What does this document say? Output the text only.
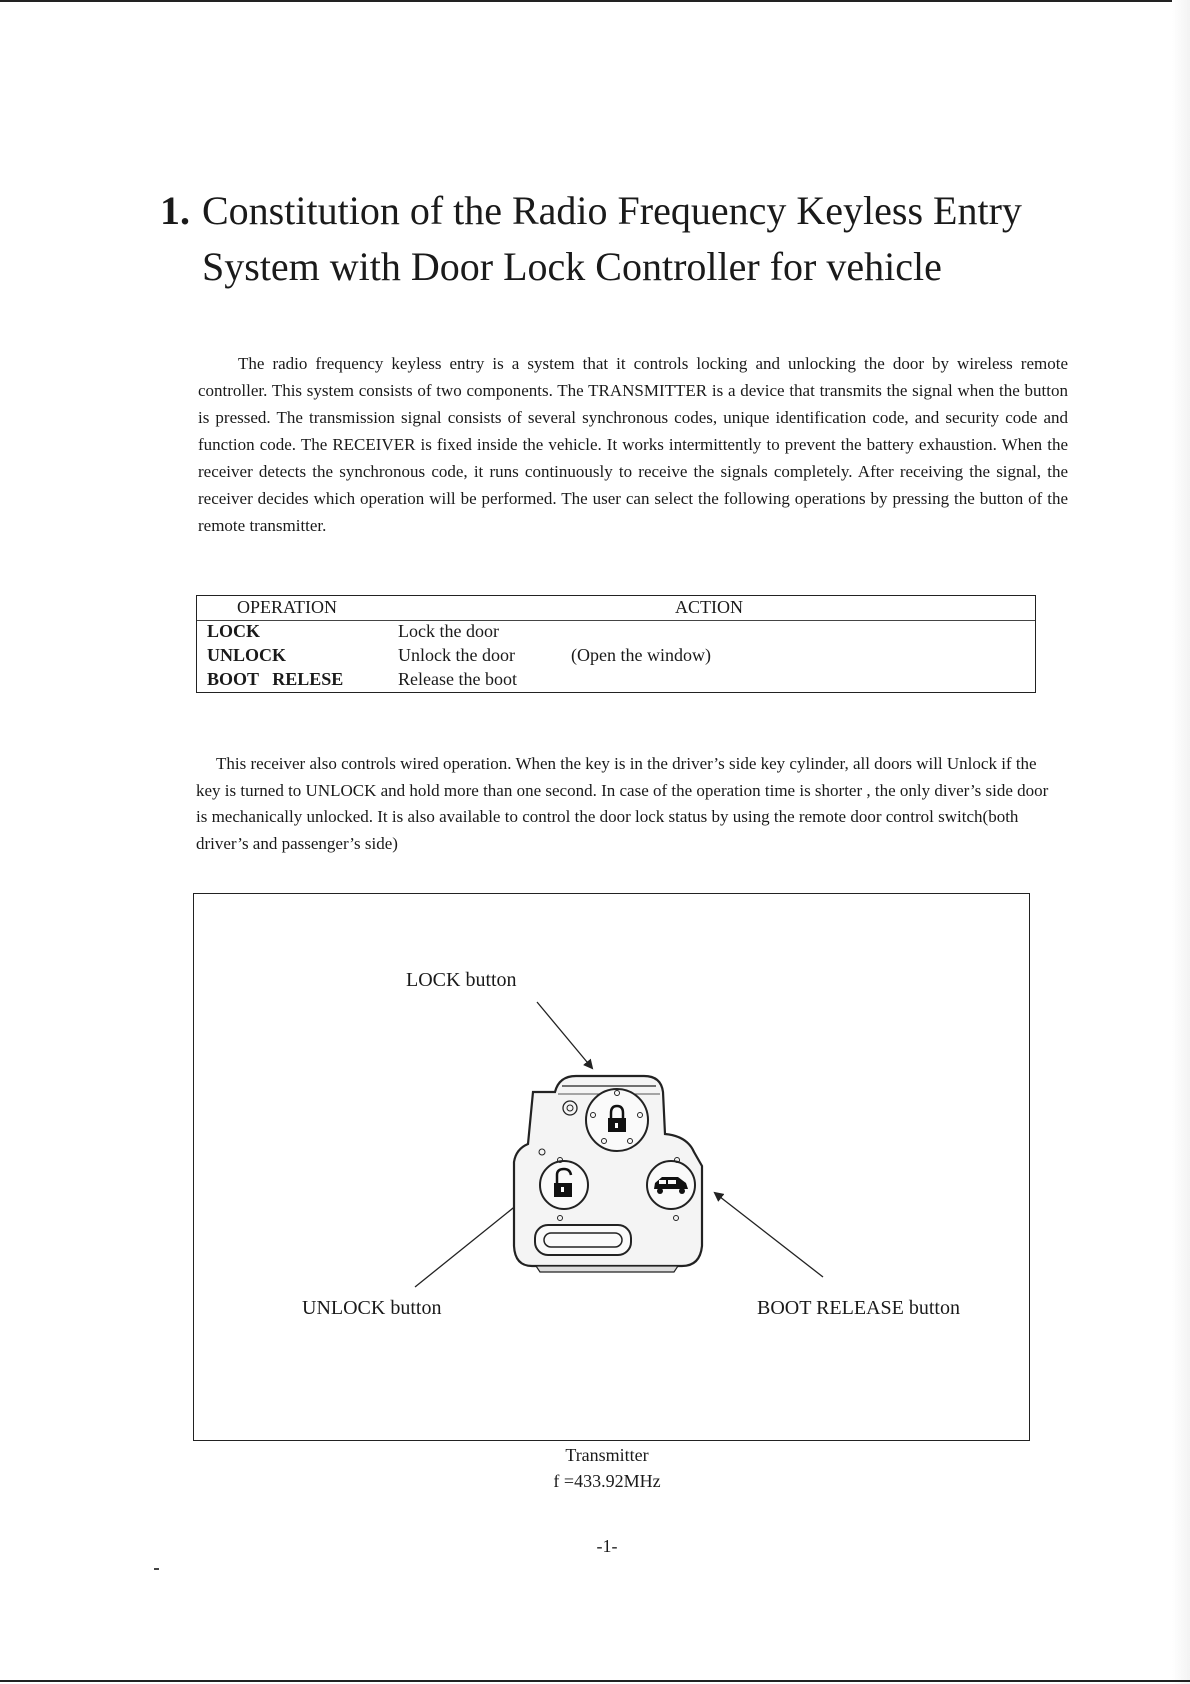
1. Constitution of the Radio Frequency Keyless Entry
System with Door Lock Controller for vehicle

The radio frequency keyless entry is a system that it controls locking and unlocking the door by wireless remote controller. This system consists of two components. The TRANSMITTER is a device that transmits the signal when the button is pressed. The transmission signal consists of several synchronous codes, unique identification code, and security code and function code. The RECEIVER is fixed inside the vehicle. It works intermittently to prevent the battery exhaustion. When the receiver detects the synchronous code, it runs continuously to receive the signals completely. After receiving the signal, the receiver decides which operation will be performed. The user can select the following operations by pressing the button of the remote transmitter.

OPERATION	ACTION
LOCK	Lock the door
UNLOCK	Unlock the door	(Open the window)
BOOT   RELESE	Release the boot

This receiver also controls wired operation. When the key is in the driver’s side key cylinder, all doors will Unlock if the key is turned to UNLOCK and hold more than one second. In case of the operation time is shorter , the only diver’s side door is mechanically unlocked. It is also available to control the door lock status by using the remote door control switch(both driver’s and passenger’s side)

LOCK button
UNLOCK button	BOOT RELEASE button
Transmitter
f =433.92MHz
-1-
